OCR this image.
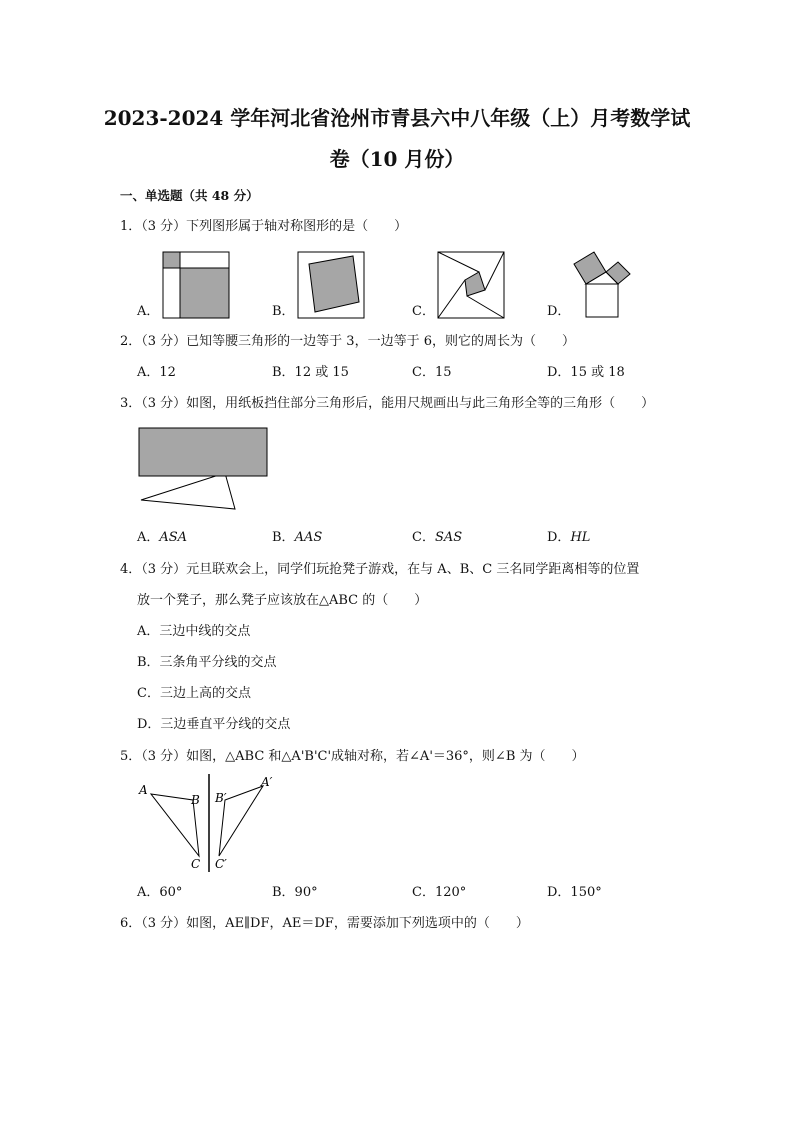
2023-2024 学年河北省沧州市青县六中八年级（上）月考数学试
卷（10 月份）
一、单选题（共 48 分）
1．（3 分）下列图形属于轴对称图形的是（　　）
A．	B．	C．	D．
2．（3 分）已知等腰三角形的一边等于 3，一边等于 6，则它的周长为（　　）
A．12	B．12 或 15	C．15	D．15 或 18
3．（3 分）如图，用纸板挡住部分三角形后，能用尺规画出与此三角形全等的三角形（　　）
A．ASA	B．AAS	C．SAS	D．HL
4．（3 分）元旦联欢会上，同学们玩抢凳子游戏，在与 A、B、C 三名同学距离相等的位置
放一个凳子，那么凳子应该放在△ABC 的（　　）
A．三边中线的交点
B．三条角平分线的交点
C．三边上高的交点
D．三边垂直平分线的交点
5．（3 分）如图，△ABC 和△A'B'C'成轴对称，若∠A'＝36°，则∠B 为（　　）
A
B
C
A′
B′
C′
A．60°	B．90°	C．120°	D．150°
6．（3 分）如图，AE∥DF，AE＝DF，需要添加下列选项中的（　　）
